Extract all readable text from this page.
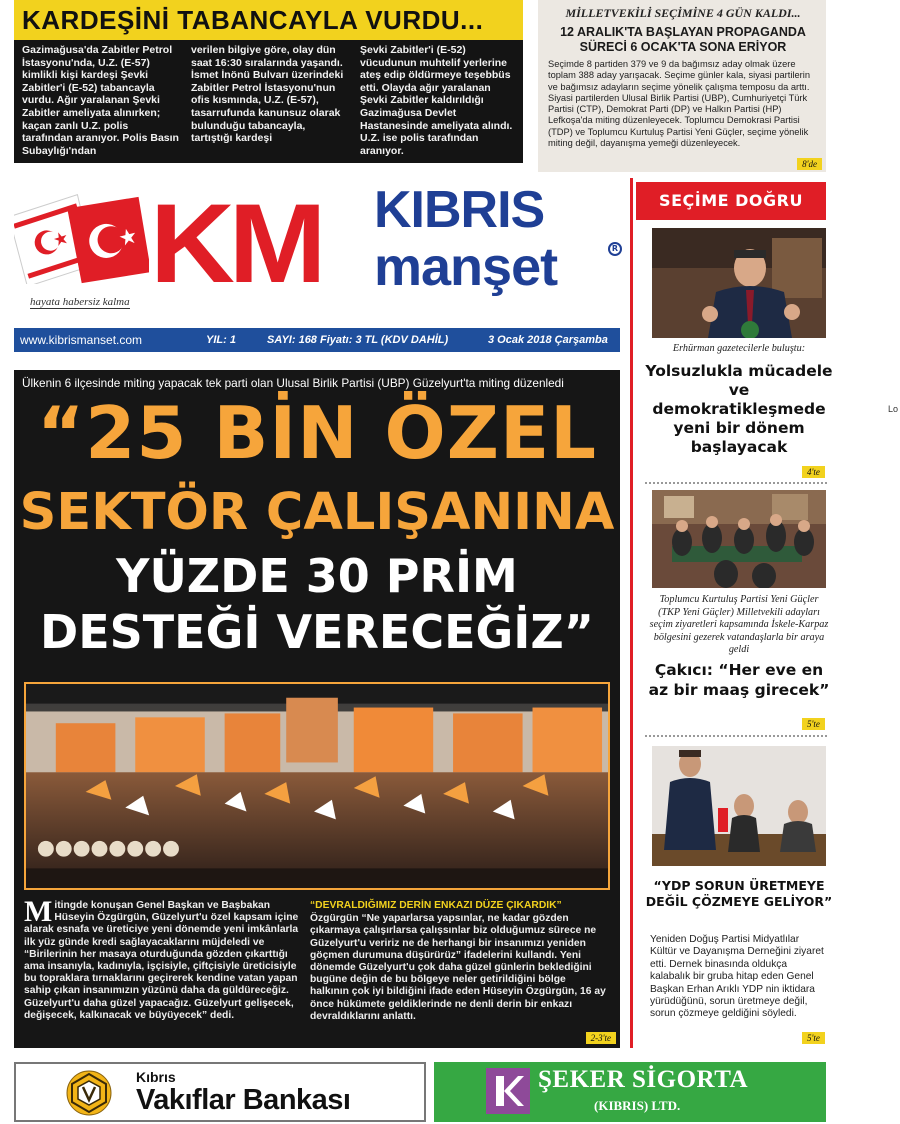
KARDEŞİNİ TABANCAYLA VURDU...
Gazimağusa'da Zabitler Petrol İstasyonu'nda, U.Z. (E-57) kimlikli kişi kardeşi Şevki Zabitler'i (E-52) tabancayla vurdu. Ağır yaralanan Şevki Zabitler ameliyata alınırken; kaçan zanlı U.Z. polis tarafından aranıyor. Polis Basın Subaylığı'ndan
verilen bilgiye göre, olay dün saat 16:30 sıralarında yaşandı. İsmet İnönü Bulvarı üzerindeki Zabitler Petrol İstasyonu'nun ofis kısmında, U.Z. (E-57), tasarrufunda kanunsuz olarak bulunduğu tabancayla, tartıştığı kardeşi
Şevki Zabitler'i (E-52) vücudunun muhtelif yerlerine ateş edip öldürmeye teşebbüs etti. Olayda ağır yaralanan Şevki Zabitler kaldırıldığı Gazimağusa Devlet Hastanesinde ameliyata alındı. U.Z. ise polis tarafından aranıyor.
MİLLETVEKİLİ SEÇİMİNE 4 GÜN KALDI...
12 ARALIK'TA BAŞLAYAN PROPAGANDA SÜRECİ 6 OCAK'TA SONA ERİYOR
Seçimde 8 partiden 379 ve 9 da bağımsız aday olmak üzere toplam 388 aday yarışacak. Seçime günler kala, siyasi partilerin ve bağımsız adayların seçime yönelik çalışma temposu da arttı. Siyasi partilerden Ulusal Birlik Partisi (UBP), Cumhuriyetçi Türk Partisi (CTP), Demokrat Parti (DP) ve Halkın Partisi (HP) Lefkoşa'da miting düzenleyecek. Toplumcu Demokrasi Partisi (TDP) ve Toplumcu Kurtuluş Partisi Yeni Güçler, seçime yönelik miting değil, dayanışma yemeği düzenleyecek.
8'de
hayata habersiz kalma KM KIBRIS
manşet	R
www.kibrismanset.com	YIL: 1	SAYI: 168 Fiyatı: 3 TL (KDV DAHİL)	3 Ocak 2018 Çarşamba
Ülkenin 6 ilçesinde miting yapacak tek parti olan Ulusal Birlik Partisi (UBP) Güzelyurt'ta miting düzenledi
“25 BİN ÖZEL
SEKTÖR ÇALIŞANINA
YÜZDE 30 PRİM
DESTEĞİ VERECEĞİZ”
M itingde konuşan Genel Başkan ve Başbakan Hüseyin Özgürgün, Güzelyurt'u özel kapsam içine alarak esnafa ve üreticiye yeni dönemde yeni imkânlarla ilk yüz günde kredi sağlayacaklarını müjdeledi ve “Birilerinin her masaya oturduğunda gözden çıkarttığı ama insanıyla, kadınıyla, işçisiyle, çiftçisiyle üreticisiyle bu topraklara tırnaklarını geçirerek kendine vatan yapan sahip çıkan insanımızın yüzünü daha da güldüreceğiz. Güzelyurt'u daha güzel yapacağız. Güzelyurt gelişecek, değişecek, kalkınacak ve büyüyecek” dedi.
“DEVRALDIĞIMIZ DERİN ENKAZI DÜZE ÇIKARDIK”
Özgürgün “Ne yaparlarsa yapsınlar, ne kadar gözden çıkarmaya çalışırlarsa çalışsınlar biz olduğumuz sürece ne Güzelyurt'u veririz ne de herhangi bir insanımızı yeniden göçmen durumuna düşürürüz” ifadelerini kullandı. Yeni dönemde Güzelyurt'u çok daha güzel günlerin beklediğini bugüne değin de bu bölgeye neler getirildiğini bölge halkının çok iyi bildiğini ifade eden Hüseyin Özgürgün, 16 ay önce hükümete geldiklerinde ne denli derin bir enkazı devraldıklarını anlattı.
2-3'te
SEÇİME DOĞRU
Erhürman gazetecilerle buluştu:
Yolsuzlukla mücadele ve demokratikleşmede yeni bir dönem başlayacak
4'te
Toplumcu Kurtuluş Partisi Yeni Güçler (TKP Yeni Güçler) Milletvekili adayları seçim ziyaretleri kapsamında İskele-Karpaz bölgesini gezerek vatandaşlarla bir araya geldi
Çakıcı: “Her eve en az bir maaş girecek”
5'te
“YDP SORUN ÜRETMEYE DEĞİL ÇÖZMEYE GELİYOR”
Yeniden Doğuş Partisi Midyatlılar Kültür ve Dayanışma Derneğini ziyaret etti. Dernek binasında oldukça kalabalık bir gruba hitap eden Genel Başkan Erhan Arıklı YDP nin iktidara yürüdüğünü, sorun üretmeye değil, sorun çözmeye geldiğini söyledi.
5'te
Kıbrıs
Vakıflar Bankası
ŞEKER SİGORTA
(KIBRIS) LTD.
Lo
